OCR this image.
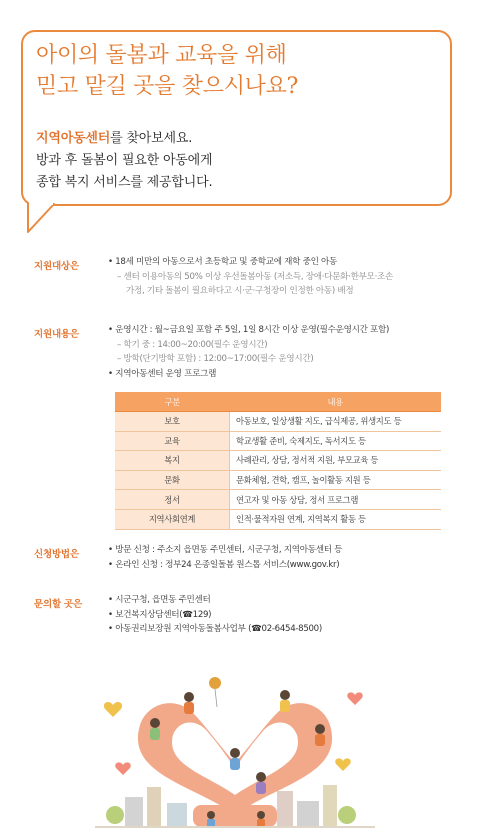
아이의 돌봄과 교육을 위해
믿고 맡길 곳을 찾으시나요?
지역아동센터를 찾아보세요.
방과 후 돌봄이 필요한 아동에게
종합 복지 서비스를 제공합니다.
지원대상은	• 18세 미만의 아동으로서 초등학교 및 중학교에 재학 중인 아동
– 센터 이용아동의 50% 이상 우선돌봄아동 (저소득, 장애·다문화·한부모·조손
가정, 기타 돌봄이 필요하다고 시·군·구청장이 인정한 아동) 배정
지원내용은	• 운영시간 : 월~금요일 포함 주 5일, 1일 8시간 이상 운영(필수운영시간 포함)
– 학기 중 : 14:00~20:00(필수 운영시간)
– 방학(단기방학 포함) : 12:00~17:00(필수 운영시간)
• 지역아동센터 운영 프로그램
구분	내용
보호	아동보호, 일상생활 지도, 급식제공, 위생지도 등
교육	학교생활 준비, 숙제지도, 독서지도 등
복지	사례관리, 상담, 정서적 지원, 부모교육 등
문화	문화체험, 견학, 캠프, 놀이활동 지원 등
정서	연고자 및 아동 상담, 정서 프로그램
지역사회연계	인적·물적자원 연계, 지역복지 활동 등
신청방법은	• 방문 신청 : 주소지 읍면동 주민센터, 시군구청, 지역아동센터 등
• 온라인 신청 : 정부24 온종일돌봄 원스톱 서비스(www.gov.kr)
문의할 곳은	• 시군구청, 읍면동 주민센터
• 보건복지상담센터(☎129)
• 아동권리보장원 지역아동돌봄사업부 (☎02-6454-8500)
